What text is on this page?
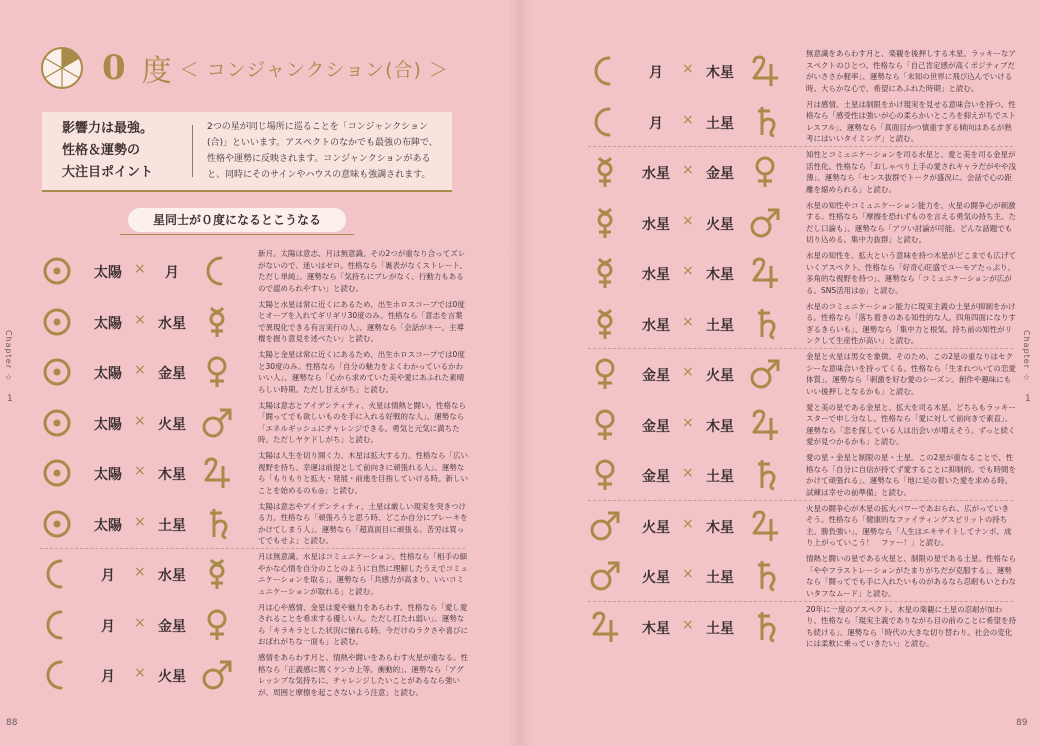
0 度 ＜ コンジャンクション(合) ＞
影響力は最強。
性格＆運勢の
大注目ポイント
2つの星が同じ場所に巡ることを「コンジャンクション(合)」といいます。アスペクトのなかでも最強の布陣で、性格や運勢に反映されます。コンジャンクションがあると、同時にそのサインやハウスの意味も強調されます。
星同士が０度になるとこうなる
太陽 ×	月
新月。太陽は意志、月は無意識。その2つが重なり合ってズレがないので、迷いはゼロ。性格なら「裏表がなくストレート、ただし単純」。運勢なら「気持ちにブレがなく、行動力もあるので認められやすい」と読む。
太陽 × 水星
太陽と水星は常に近くにあるため、出生ホロスコープでは0度とオーブを入れてギリギリ30度のみ。性格なら「意志を言葉で異現化できる有言実行の人」、運勢なら「会話がキー。主導権を握り意見を述べたい」と読む。
太陽 × 金星
太陽と金星は常に近くにあるため、出生ホロスコープでは0度と30度のみ。性格なら「自分の魅力をよくわかっているかわいい人」、運勢なら「心から求めていた美や愛にあふれた素晴らしい時期。ただし甘えがち」と読む。
太陽 × 火星
太陽は意志とアイデンティティ、火星は情熱と闘い。性格なら「闘ってでも欲しいものを手に入れる好戦的な人」、運勢なら「エネルギッシュにチャレンジできる。勇気と元気に満ちた時。ただしヤケドしがち」と読む。
太陽 × 木星
太陽は人生を切り開く力、木星は拡大する力。性格なら「広い視野を持ち、幸運は前提として前向きに頑張れる人」、運勢なら「もりもりと拡大・発展・前進を目指していける時。新しいことを始めるのも◎」と読む。
太陽 × 土星
太陽は意志やアイデンティティ、土星は厳しい現実を突きつける力。性格なら「頑張ろうと思う時、どこか自分にブレーキをかけてしまう人」、運勢なら「超真面目に頑張る。苦労は買ってでもせよ」と読む。
月	× 水星
月は無意識、水星はコミュニケーション。性格なら「相手の細やかな心情を自分のことのように自然に理解したうえでコミュニケーションを取る」、運勢なら「共感力が高まり、いいコミュニケーションが取れる」と読む。
月	× 金星
月は心や感情、金星は愛や魅力をあらわす。性格なら「愛し愛されることを希求する優しい人。ただし打たれ弱い」、運勢なら「キラキラとした状況に憧れる時。今だけのラクさや喜びにおぼれがちな一面も」と読む。
月	× 火星
感情をあらわす月と、情熱や闘いをあらわす火星が重なる。性格なら「正義感に篤くケンカ上等。衝動的」、運勢なら「アグレッシブな気持ちに。チャレンジしたいことがあるなら強いが、周囲と摩擦を起こさないよう注意」と読む。
88
月	× 木星
無意識をあらわす月と、楽観を後押しする木星。ラッキーなアスペクトのひとつ。性格なら「自己肯定感が高くポジティブだがいささか軽率」、運勢なら「未知の世界に飛び込んでいける時。大らかな心で、希望にあふれた時期」と読む。
月	× 土星
月は感情、土星は制限をかけ現実を見せる意味合いを持つ。性格なら「感受性は強いが心の柔らかいところを抑えがちでストレスフル」、運勢なら「真面目かつ慎重すぎる傾向はあるが熟考にはいいタイミング」と読む。
水星 × 金星
知性とコミュニケーションを司る水星と、愛と美を司る金星が活性化。性格なら「おしゃべり上手の愛されキャラだがやや浅薄」、運勢なら「センス抜群でトークが盛況に。会話で心の距離を縮められる」と読む。
水星 × 火星
水星の知性やコミュニケーション能力を、火星の闘争心が刺激する。性格なら「摩擦を恐れずものを言える勇気の持ち主。ただし口論も」、運勢なら「アツい討論が可能。どんな話題でも切り込める。集中力抜群」と読む。
水星 × 木星
水星の知性を、拡大という意味を持つ木星がどこまでも広げていくアスペクト。性格なら「好奇心旺盛でユーモアたっぷり。多角的な視野を持つ」、運勢なら「コミュニケーションが広がる。SNS活用は◎」と読む。
水星 × 土星
水星のコミュニケーション能力に現実主義の土星が抑制をかける。性格なら「落ち着きのある知性的な人。四角四面になりすぎるきらいも」、運勢なら「集中力と根気。持ち前の知性がリンクして生産性が高い」と読む。
金星 × 火星
金星と火星は男女を象徴。そのため、この2星の重なりはセクシーな意味合いを持ってくる。性格なら「生まれついての恋愛体質」、運勢なら「刺激を好む愛のシーズン。創作や趣味にもいい後押しとなるかも」と読む。
金星 × 木星
愛と美の星である金星と、拡大を司る木星。どちらもラッキースターで申し分なし。性格なら「愛に対して前向きで素直」、運勢なら「恋を探している人は出会いが増えそう。ずっと続く愛が見つかるかも」と読む。
金星 × 土星
愛の星・金星と制限の星・土星。この2星が重なることで、性格なら「自分に自信が持てず愛することに抑制的。でも時間をかけて頑張れる」、運勢なら「地に足の着いた愛を求める時。試練は幸せの前準備」と読む。
火星 × 木星
火星の闘争心が木星の拡大パワーであおられ、広がっていきそう。性格なら「健康的なファイティングスピリットの持ち主。勝負強い」、運勢なら「人生はエキサイトしてナンボ。成り上がっていこう！　ファー！」と読む。
火星 × 土星
情熱と闘いの星である火星と、制限の星である土星。性格なら「ややフラストレーションがたまりがちだが克服する」、運勢なら「闘ってでも手に入れたいものがあるなら忍耐もいとわないタフなムード」と読む。
木星 × 土星
20年に一度のアスペクト。木星の楽観に土星の忍耐が加わり、性格なら「現実主義でありながら目の前のことに希望を持ち続ける」、運勢なら「時代の大きな切り替わり。社会の変化には柔軟に乗っていきたい」と読む。
Chapter ☆
1
89
Chapter ☆
1
